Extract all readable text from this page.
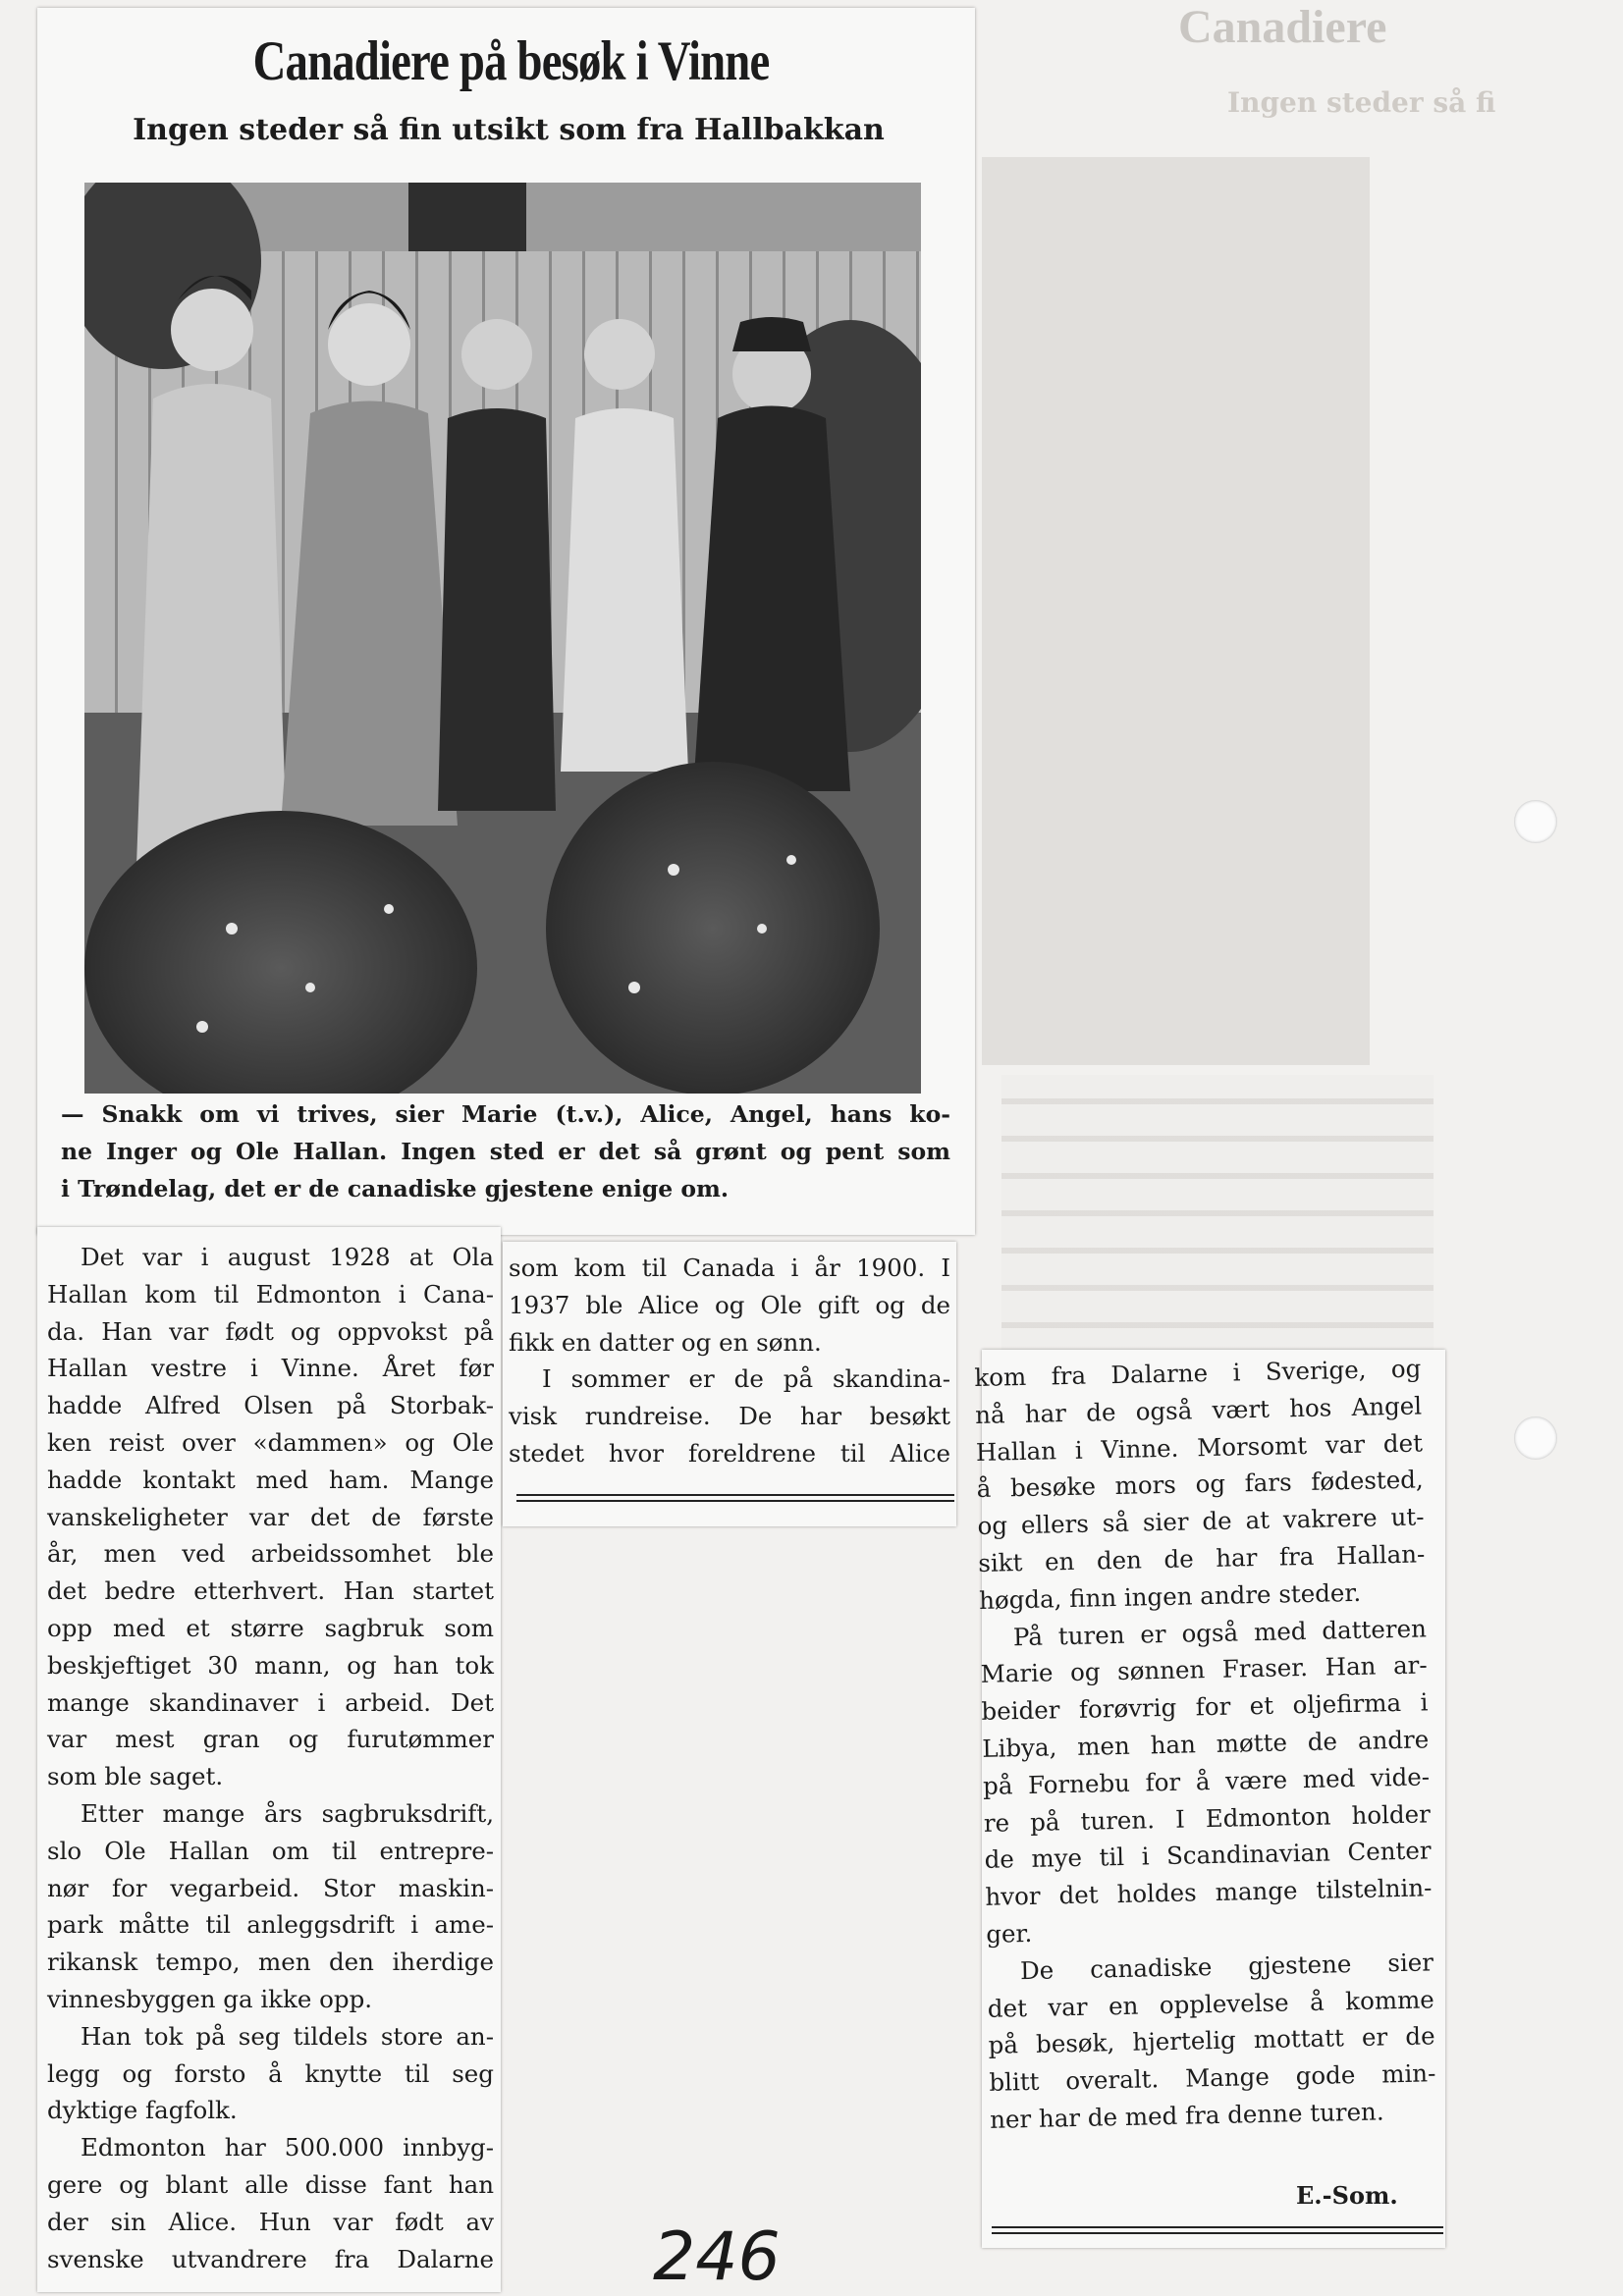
Canadiere
Ingen steder så fi
Canadiere på besøk i Vinne
Ingen steder så fin utsikt som fra Hallbakkan

— Snakk om vi trives, sier Marie (t.v.), Alice, Angel, hans ko-

ne Inger og Ole Hallan. Ingen sted er det så grønt og pent som

i Trøndelag, det er de canadiske gjestene enige om.

Det var i august 1928 at Ola
Hallan kom til Edmonton i Cana-
da. Han var født og oppvokst på
Hallan vestre i Vinne. Året før
hadde Alfred Olsen på Storbak-
ken reist over «dammen» og Ole
hadde kontakt med ham. Mange
vanskeligheter var det de første
år, men ved arbeidssomhet ble
det bedre etterhvert. Han startet
opp med et større sagbruk som
beskjeftiget 30 mann, og han tok
mange skandinaver i arbeid. Det
var mest gran og furutømmer
som ble saget.
Etter mange års sagbruksdrift,
slo Ole Hallan om til entrepre-
nør for vegarbeid. Stor maskin-
park måtte til anleggsdrift i ame-
rikansk tempo, men den iherdige
vinnesbyggen ga ikke opp.
Han tok på seg tildels store an-
legg og forsto å knytte til seg
dyktige fagfolk.
Edmonton har 500.000 innbyg-
gere og blant alle disse fant han
der sin Alice. Hun var født av
svenske utvandrere fra Dalarne
som kom til Canada i år 1900. I
1937 ble Alice og Ole gift og de
fikk en datter og en sønn.
I sommer er de på skandina-
visk rundreise. De har besøkt
stedet hvor foreldrene til Alice
kom fra Dalarne i Sverige, og
nå har de også vært hos Angel
Hallan i Vinne. Morsomt var det
å besøke mors og fars fødested,
og ellers så sier de at vakrere ut-
sikt en den de har fra Hallan-
høgda, finn ingen andre steder.
På turen er også med datteren
Marie og sønnen Fraser. Han ar-
beider forøvrig for et oljefirma i
Libya, men han møtte de andre
på Fornebu for å være med vide-
re på turen. I Edmonton holder
de mye til i Scandinavian Center
hvor det holdes mange tilstelnin-
ger.
De canadiske gjestene sier
det var en opplevelse å komme
på besøk, hjertelig mottatt er de
blitt overalt. Mange gode min-
ner har de med fra denne turen.
E.-Som.
246
